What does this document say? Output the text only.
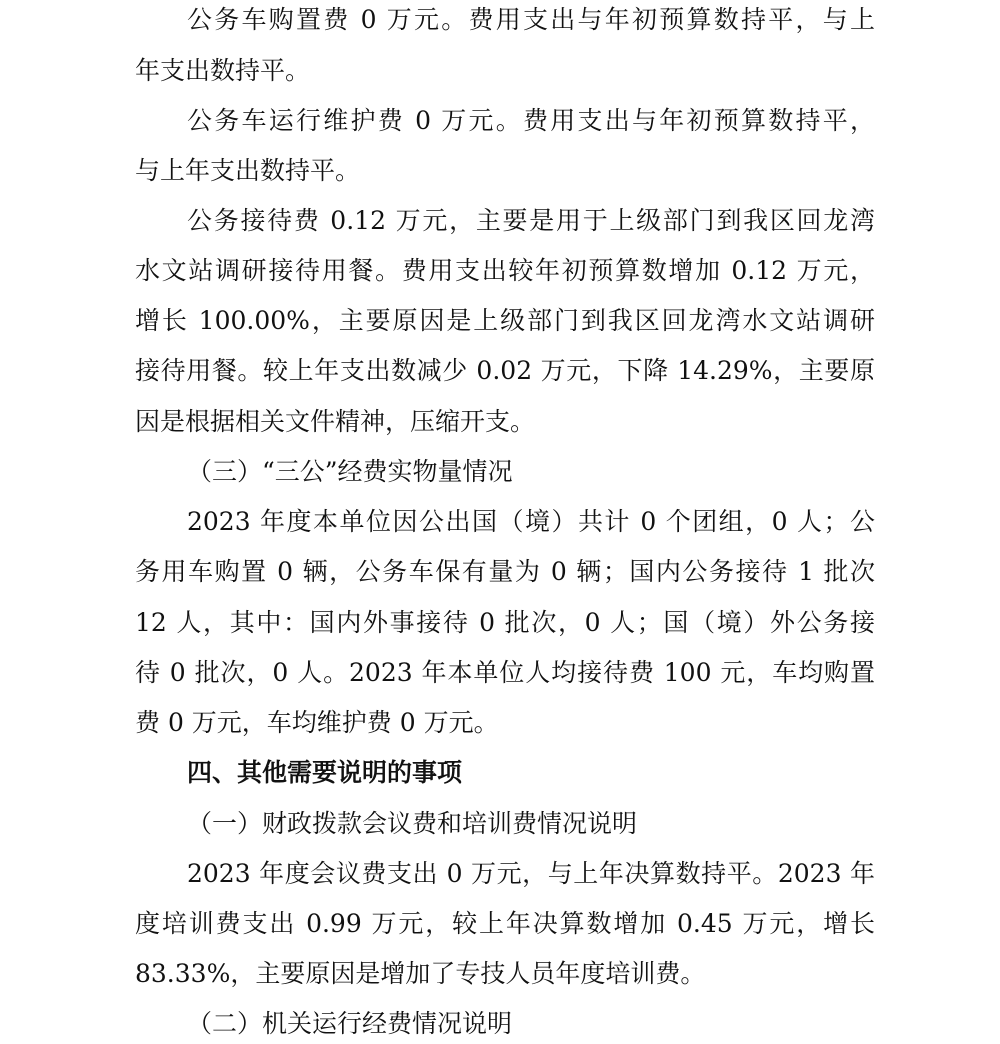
公务车购置费 0 万元。费用支出与年初预算数持平，与上
年支出数持平。
公务车运行维护费 0 万元。费用支出与年初预算数持平，
与上年支出数持平。
公务接待费 0.12 万元，主要是用于上级部门到我区回龙湾
水文站调研接待用餐。费用支出较年初预算数增加 0.12 万元，
增长 100.00%，主要原因是上级部门到我区回龙湾水文站调研
接待用餐。较上年支出数减少 0.02 万元，下降 14.29%，主要原
因是根据相关文件精神，压缩开支。
（三）“三公”经费实物量情况
2023 年度本单位因公出国（境）共计 0 个团组，0 人；公
务用车购置 0 辆，公务车保有量为 0 辆；国内公务接待 1 批次
12 人，其中：国内外事接待 0 批次，0 人；国（境）外公务接
待 0 批次，0 人。2023 年本单位人均接待费 100 元，车均购置
费 0 万元，车均维护费 0 万元。
四、其他需要说明的事项
（一）财政拨款会议费和培训费情况说明
2023 年度会议费支出 0 万元，与上年决算数持平。2023 年
度培训费支出 0.99 万元，较上年决算数增加 0.45 万元，增长
83.33%，主要原因是增加了专技人员年度培训费。
（二）机关运行经费情况说明
